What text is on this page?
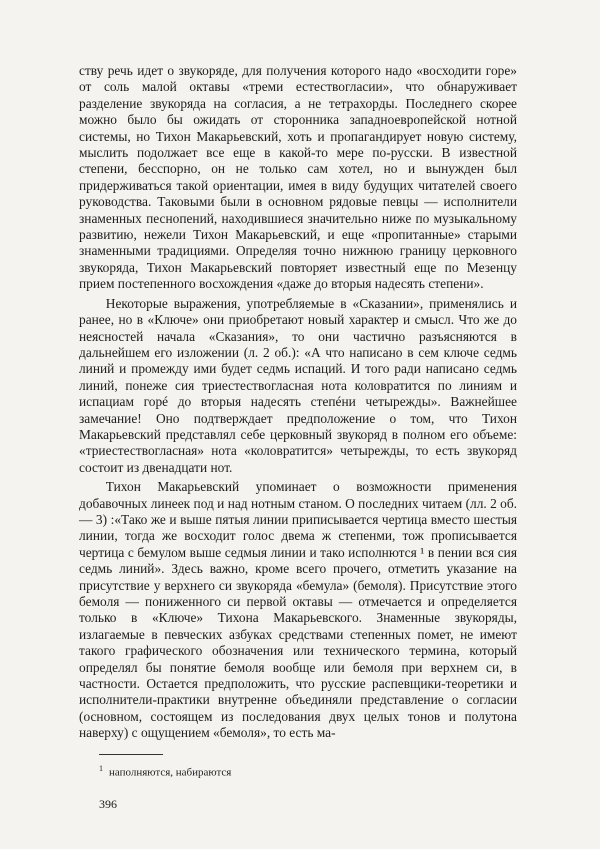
ству речь идет о звукоряде, для получения которого надо «восходити горе» от соль малой октавы «треми естествогласии», что обнаруживает разделение звукоряда на согласия, а не тетрахорды. Последнего скорее можно было бы ожидать от сторонника западноевропейской нотной системы, но Тихон Макарьевский, хоть и пропагандирует новую систему, мыслить подолжает все еще в какой-то мере по-русски. В известной степени, бесспорно, он не только сам хотел, но и вынужден был придерживаться такой ориентации, имея в виду будущих читателей своего руководства. Таковыми были в основном рядовые певцы — исполнители знаменных песнопений, находившиеся значительно ниже по музыкальному развитию, нежели Тихон Макарьевский, и еще «пропитанные» старыми знаменными традициями. Определяя точно нижнюю границу церковного звукоряда, Тихон Макарьевский повторяет известный еще по Мезенцу прием постепенного восхождения «даже до вторыя надесять степени».

Некоторые выражения, употребляемые в «Сказании», применялись и ранее, но в «Ключе» они приобретают новый характер и смысл. Что же до неясностей начала «Сказания», то они частично разъясняются в дальнейшем его изложении (л. 2 об.): «А что написано в сем ключе седмь линий и промежду ими будет седмь испаций. И того ради написано седмь линий, понеже сия триестествогласная нота коловратится по линиям и испациам горé до вторыя надесять степéни четырежды». Важнейшее замечание! Оно подтверждает предположение о том, что Тихон Макарьевский представлял себе церковный звукоряд в полном его объеме: «триестествогласная» нота «коловратится» четырежды, то есть звукоряд состоит из двенадцати нот.

Тихон Макарьевский упоминает о возможности применения добавочных линеек под и над нотным станом. О последних читаем (лл. 2 об.— 3) :«Тако же и выше пятыя линии приписывается чертица вместо шестыя линии, тогда же восходит голос двема ж степенми, тож прописывается чертица с бемулом выше седмыя линии и тако исполнются ¹ в пении вся сия седмь линий». Здесь важно, кроме всего прочего, отметить указание на присутствие у верхнего си звукоряда «бемула» (бемоля). Присутствие этого бемоля — пониженного си первой октавы — отмечается и определяется только в «Ключе» Тихона Макарьевского. Знаменные звукоряды, излагаемые в певческих азбуках средствами степенных помет, не имеют такого графического обозначения или технического термина, который определял бы понятие бемоля вообще или бемоля при верхнем си, в частности. Остается предположить, что русские распевщики-теоретики и исполнители-практики внутренне объединяли представление о согласии (основном, состоящем из последования двух целых тонов и полутона наверху) с ощущением «бемоля», то есть ма-

$^1$ наполняются, набираются
396
